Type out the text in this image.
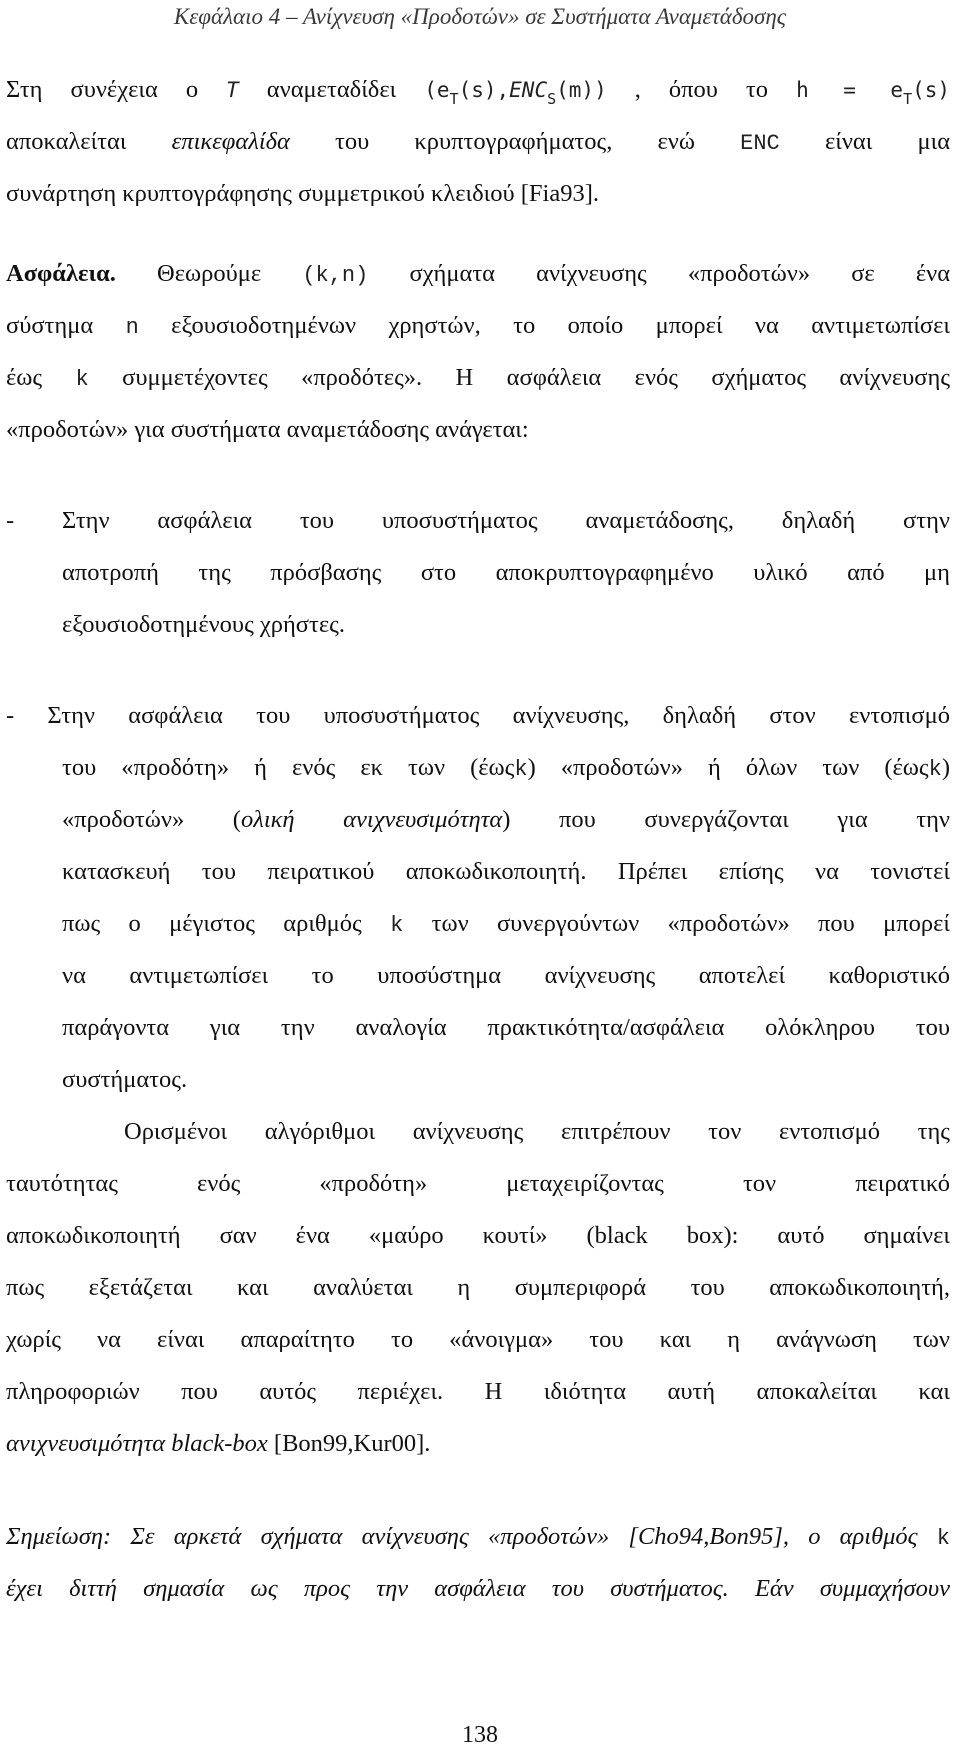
Κεφάλαιο 4 – Ανίχνευση «Προδοτών» σε Συστήματα Αναμετάδοσης
Στη συνέχεια ο T αναμεταδίδει $(e_T(s),ENC_S(m))$ , όπου το $h = e_T(s)$
αποκαλείται επικεφαλίδα του κρυπτογραφήματος, ενώ ENC είναι μια
συνάρτηση κρυπτογράφησης συμμετρικού κλειδιού [Fia93].
Ασφάλεια. Θεωρούμε (k,n) σχήματα ανίχνευσης «προδοτών» σε ένα
σύστημα n εξουσιοδοτημένων χρηστών, το οποίο μπορεί να αντιμετωπίσει
έως k συμμετέχοντες «προδότες». Η ασφάλεια ενός σχήματος ανίχνευσης
«προδοτών» για συστήματα αναμετάδοσης ανάγεται:
- Στην ασφάλεια του υποσυστήματος αναμετάδοσης, δηλαδή στην
αποτροπή της πρόσβασης στο αποκρυπτογραφημένο υλικό από μη
εξουσιοδοτημένους χρήστες.
- Στην ασφάλεια του υποσυστήματος ανίχνευσης, δηλαδή στον εντοπισμό
του «προδότη» ή ενός εκ των (έωςk) «προδοτών» ή όλων των (έωςk)
«προδοτών» (ολική ανιχνευσιμότητα) που συνεργάζονται για την
κατασκευή του πειρατικού αποκωδικοποιητή. Πρέπει επίσης να τονιστεί
πως ο μέγιστος αριθμός k των συνεργούντων «προδοτών» που μπορεί
να αντιμετωπίσει το υποσύστημα ανίχνευσης αποτελεί καθοριστικό
παράγοντα για την αναλογία πρακτικότητα/ασφάλεια ολόκληρου του
συστήματος.
Ορισμένοι αλγόριθμοι ανίχνευσης επιτρέπουν τον εντοπισμό της
ταυτότητας ενός «προδότη» μεταχειρίζοντας τον πειρατικό
αποκωδικοποιητή σαν ένα «μαύρο κουτί» (black box): αυτό σημαίνει
πως εξετάζεται και αναλύεται η συμπεριφορά του αποκωδικοποιητή,
χωρίς να είναι απαραίτητο το «άνοιγμα» του και η ανάγνωση των
πληροφοριών που αυτός περιέχει. Η ιδιότητα αυτή αποκαλείται και
ανιχνευσιμότητα black-box [Bon99,Kur00].
Σημείωση: Σε αρκετά σχήματα ανίχνευσης «προδοτών» [Cho94,Bon95], ο αριθμός k
έχει διττή σημασία ως προς την ασφάλεια του συστήματος. Εάν συμμαχήσουν
138
